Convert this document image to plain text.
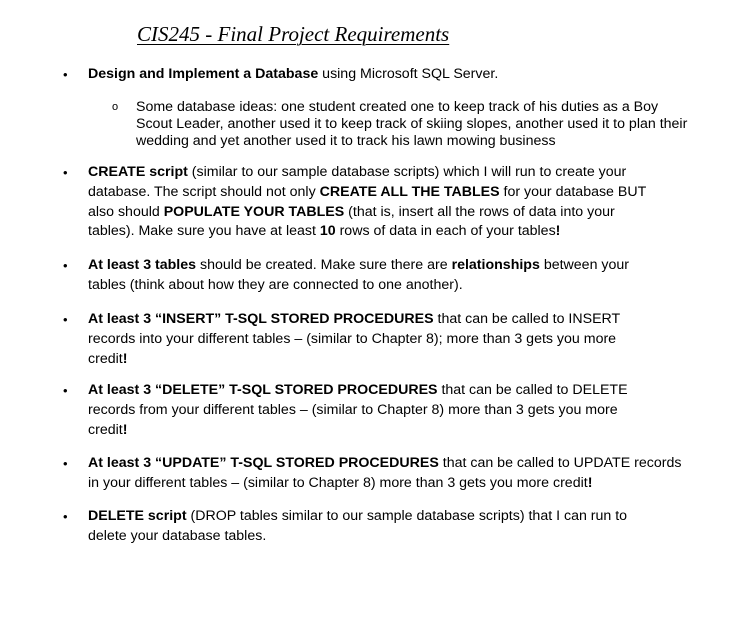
CIS245 - Final Project Requirements
•	Design and Implement a Database using Microsoft SQL Server.
o Some database ideas: one student created one to keep track of his duties as a Boy Scout Leader, another used it to keep track of skiing slopes, another used it to plan their wedding and yet another used it to track his lawn mowing business
•	CREATE script (similar to our sample database scripts) which I will run to create your database. The script should not only CREATE ALL THE TABLES for your database BUT also should POPULATE YOUR TABLES (that is, insert all the rows of data into your tables). Make sure you have at least 10 rows of data in each of your tables!
•	At least 3 tables should be created. Make sure there are relationships between your tables (think about how they are connected to one another).
•	At least 3 “INSERT” T-SQL STORED PROCEDURES that can be called to INSERT records into your different tables – (similar to Chapter 8); more than 3 gets you more credit!
•	At least 3 “DELETE” T-SQL STORED PROCEDURES that can be called to DELETE records from your different tables – (similar to Chapter 8) more than 3 gets you more credit!
•	At least 3 “UPDATE” T-SQL STORED PROCEDURES that can be called to UPDATE records in your different tables – (similar to Chapter 8) more than 3 gets you more credit!
•	DELETE script (DROP tables similar to our sample database scripts) that I can run to delete your database tables.
